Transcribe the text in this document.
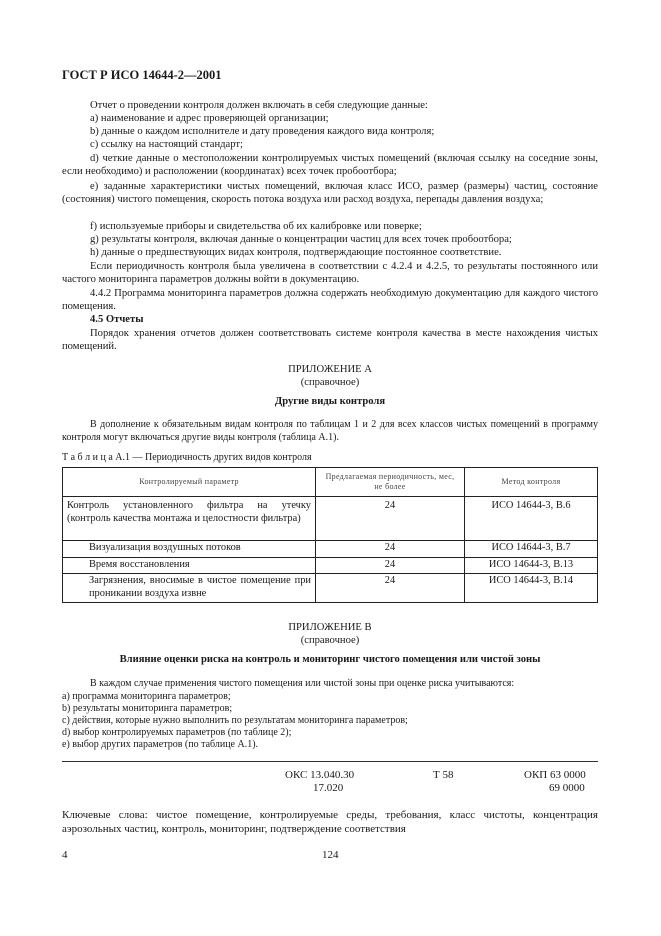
ГОСТ Р ИСО 14644-2—2001
Отчет о проведении контроля должен включать в себя следующие данные:
a) наименование и адрес проверяющей организации;
b) данные о каждом исполнителе и дату проведения каждого вида контроля;
c) ссылку на настоящий стандарт;
d) четкие данные о местоположении контролируемых чистых помещений (включая ссылку на соседние зоны, если необходимо) и расположении (координатах) всех точек пробоотбора;
e) заданные характеристики чистых помещений, включая класс ИСО, размер (размеры) частиц, состояние (состояния) чистого помещения, скорость потока воздуха или расход воздуха, перепады давления воздуха;
f) используемые приборы и свидетельства об их калибровке или поверке;
g) результаты контроля, включая данные о концентрации частиц для всех точек пробоотбора;
h) данные о предшествующих видах контроля, подтверждающие постоянное соответствие.
Если периодичность контроля была увеличена в соответствии с 4.2.4 и 4.2.5, то результаты постоянного или частого мониторинга параметров должны войти в документацию.
4.4.2 Программа мониторинга параметров должна содержать необходимую документацию для каждого чистого помещения.
4.5 Отчеты
Порядок хранения отчетов должен соответствовать системе контроля качества в месте нахождения чистых помещений.
ПРИЛОЖЕНИЕ А
(справочное)
Другие виды контроля
В дополнение к обязательным видам контроля по таблицам 1 и 2 для всех классов чистых помещений в программу контроля могут включаться другие виды контроля (таблица А.1).
Т а б л и ц а А.1 — Периодичность других видов контроля
Контролируемый параметр	Предлагаемая периодичность, мес, не более	Метод контроля
Контроль установленного фильтра на утечку (контроль качества монтажа и целостности фильтра)	24	ИСО 14644-3, В.6
Визуализация воздушных потоков	24	ИСО 14644-3, В.7
Время восстановления	24	ИСО 14644-3, В.13
Загрязнения, вносимые в чистое помещение при проникании воздуха извне	24	ИСО 14644-3, В.14
ПРИЛОЖЕНИЕ В
(справочное)
Влияние оценки риска на контроль и мониторинг чистого помещения или чистой зоны
В каждом случае применения чистого помещения или чистой зоны при оценке риска учитываются:
а) программа мониторинга параметров;
b) результаты мониторинга параметров;
с) действия, которые нужно выполнить по результатам мониторинга параметров;
d) выбор контролируемых параметров (по таблице 2);
е) выбор других параметров (по таблице А.1).
ОКС 13.040.30
17.020
Т 58	ОКП 63 0000
69 0000
Ключевые слова: чистое помещение, контролируемые среды, требования, класс чистоты, концентрация аэрозольных частиц, контроль, мониторинг, подтверждение соответствия
4	124
